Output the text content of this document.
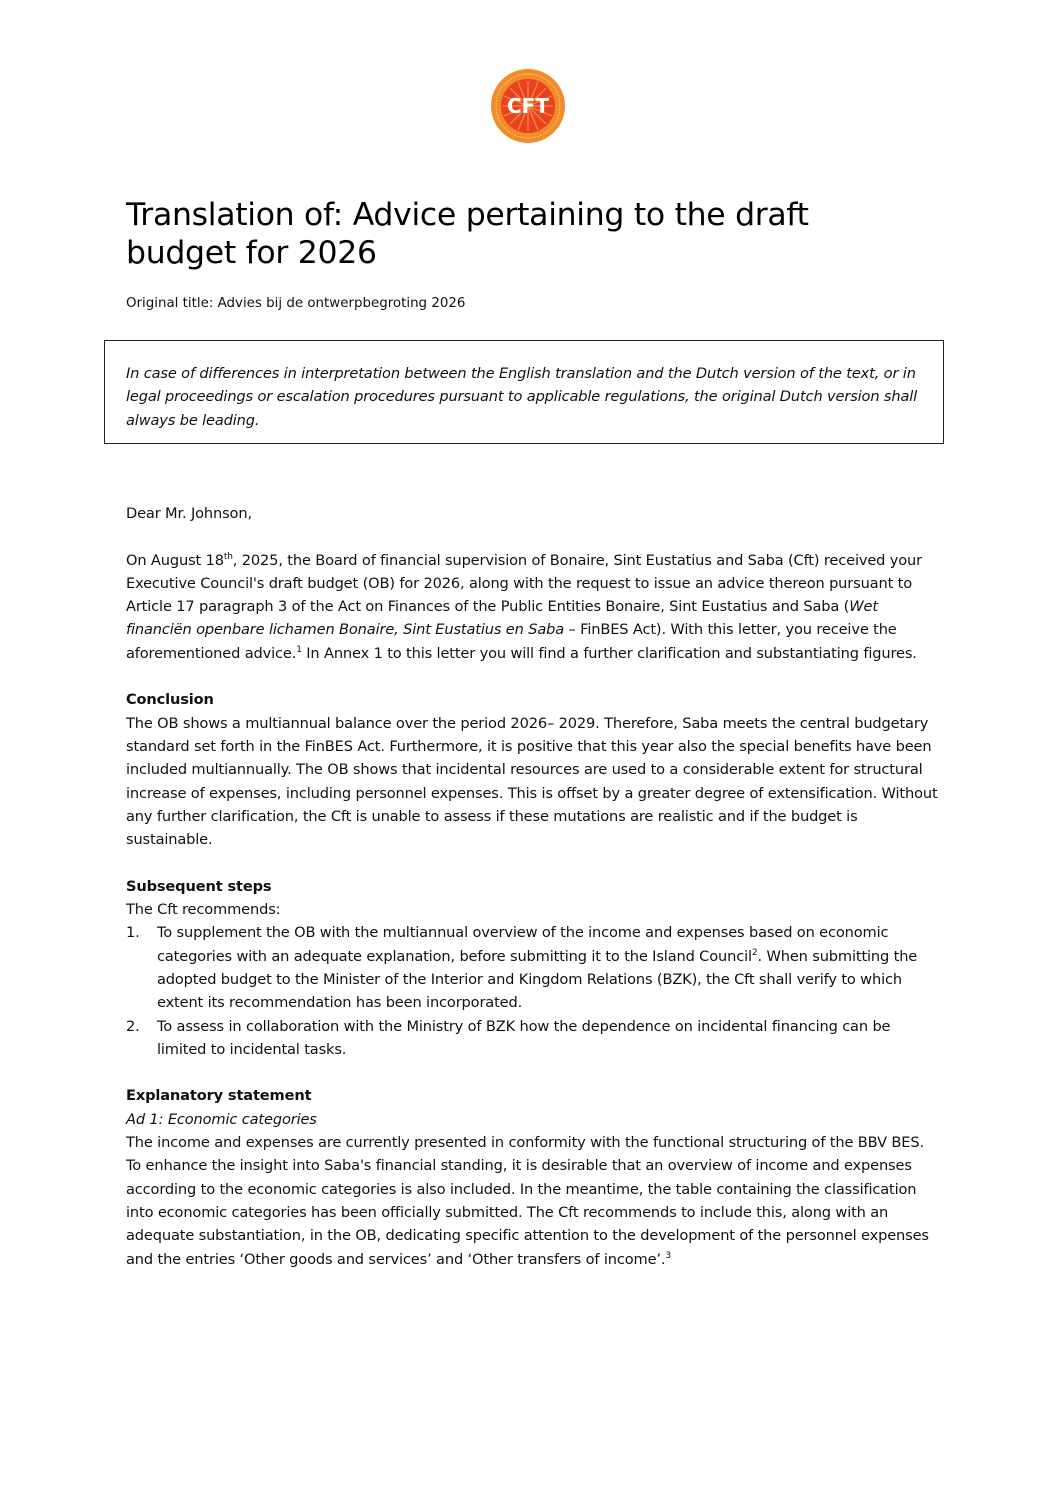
CFT
Translation of: Advice pertaining to the draft budget for 2026

Original title: Advies bij de ontwerpbegroting 2026

In case of differences in interpretation between the English translation and the Dutch version of the text, or in legal proceedings or escalation procedures pursuant to applicable regulations, the original Dutch version shall always be leading.

Dear Mr. Johnson,

On August 18th, 2025, the Board of financial supervision of Bonaire, Sint Eustatius and Saba (Cft) received your Executive Council's draft budget (OB) for 2026, along with the request to issue an advice thereon pursuant to Article 17 paragraph 3 of the Act on Finances of the Public Entities Bonaire, Sint Eustatius and Saba (Wet financiën openbare lichamen Bonaire, Sint Eustatius en Saba – FinBES Act). With this letter, you receive the aforementioned advice.$^1$ In Annex 1 to this letter you will find a further clarification and substantiating figures.

Conclusion

The OB shows a multiannual balance over the period 2026– 2029. Therefore, Saba meets the central budgetary standard set forth in the FinBES Act. Furthermore, it is positive that this year also the special benefits have been included multiannually. The OB shows that incidental resources are used to a considerable extent for structural increase of expenses, including personnel expenses. This is offset by a greater degree of extensification. Without any further clarification, the Cft is unable to assess if these mutations are realistic and if the budget is sustainable.

Subsequent steps

The Cft recommends:

1. To supplement the OB with the multiannual overview of the income and expenses based on economic categories with an adequate explanation, before submitting it to the Island Council$^2$. When submitting the adopted budget to the Minister of the Interior and Kingdom Relations (BZK), the Cft shall verify to which extent its recommendation has been incorporated.
2. To assess in collaboration with the Ministry of BZK how the dependence on incidental financing can be limited to incidental tasks.

Explanatory statement

Ad 1: Economic categories

The income and expenses are currently presented in conformity with the functional structuring of the BBV BES. To enhance the insight into Saba's financial standing, it is desirable that an overview of income and expenses according to the economic categories is also included. In the meantime, the table containing the classification into economic categories has been officially submitted. The Cft recommends to include this, along with an adequate substantiation, in the OB, dedicating specific attention to the development of the personnel expenses and the entries ‘Other goods and services’ and ‘Other transfers of income’.$^3$
